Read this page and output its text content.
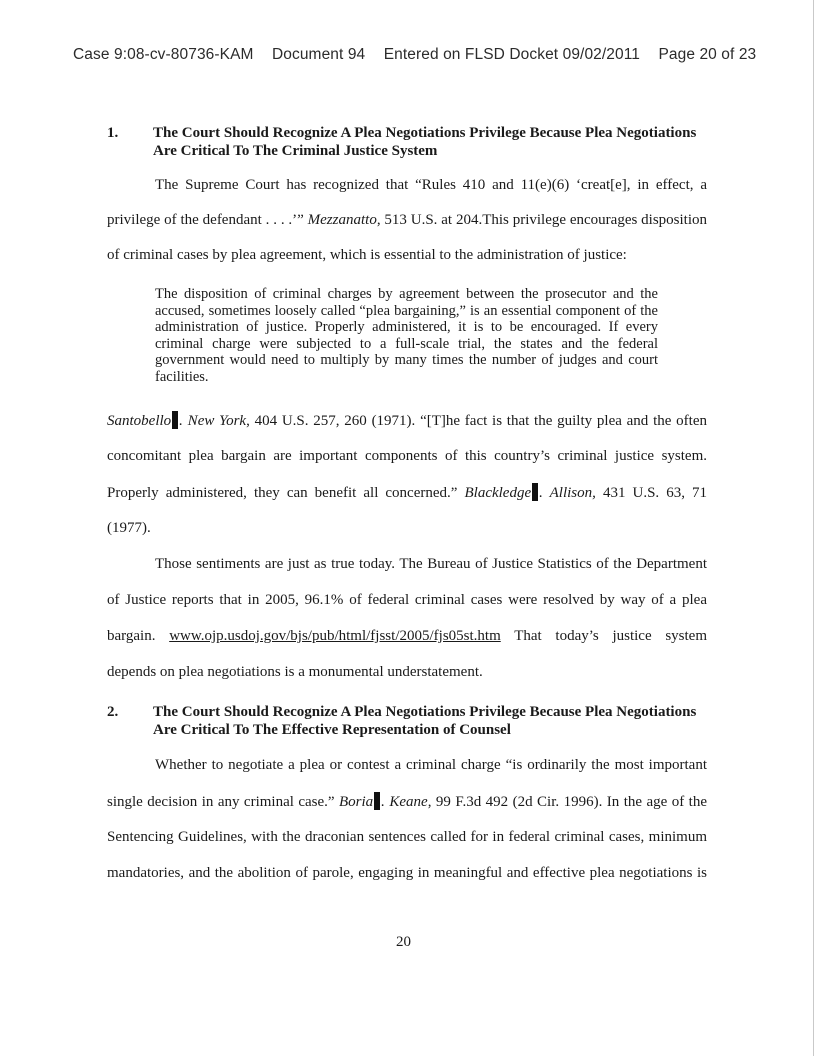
Case 9:08-cv-80736-KAM Document 94 Entered on FLSD Docket 09/02/2011 Page 20 of 23
1. The Court Should Recognize A Plea Negotiations Privilege Because Plea Negotiations Are Critical To The Criminal Justice System
The Supreme Court has recognized that “Rules 410 and 11(e)(6) ‘creat[e], in effect, a
privilege of the defendant . . . .’” Mezzanatto, 513 U.S. at 204.This privilege encourages disposition
of criminal cases by plea agreement, which is essential to the administration of justice:
The disposition of criminal charges by agreement between the prosecutor and the accused, sometimes loosely called “plea bargaining,” is an essential component of the administration of justice. Properly administered, it is to be encouraged. If every criminal charge were subjected to a full-scale trial, the states and the federal government would need to multiply by many times the number of judges and court facilities.
Santobello . New York, 404 U.S. 257, 260 (1971). “[T]he fact is that the guilty plea and the often
concomitant plea bargain are important components of this country’s criminal justice system.
Properly administered, they can benefit all concerned.” Blackledge . Allison, 431 U.S. 63, 71
(1977).
Those sentiments are just as true today. The Bureau of Justice Statistics of the Department
of Justice reports that in 2005, 96.1% of federal criminal cases were resolved by way of a plea
bargain. www.ojp.usdoj.gov/bjs/pub/html/fjsst/2005/fjs05st.htm That today’s justice system
depends on plea negotiations is a monumental understatement.
2. The Court Should Recognize A Plea Negotiations Privilege Because Plea Negotiations Are Critical To The Effective Representation of Counsel
Whether to negotiate a plea or contest a criminal charge “is ordinarily the most important
single decision in any criminal case.” Boria . Keane, 99 F.3d 492 (2d Cir. 1996). In the age of the
Sentencing Guidelines, with the draconian sentences called for in federal criminal cases, minimum
mandatories, and the abolition of parole, engaging in meaningful and effective plea negotiations is
20
